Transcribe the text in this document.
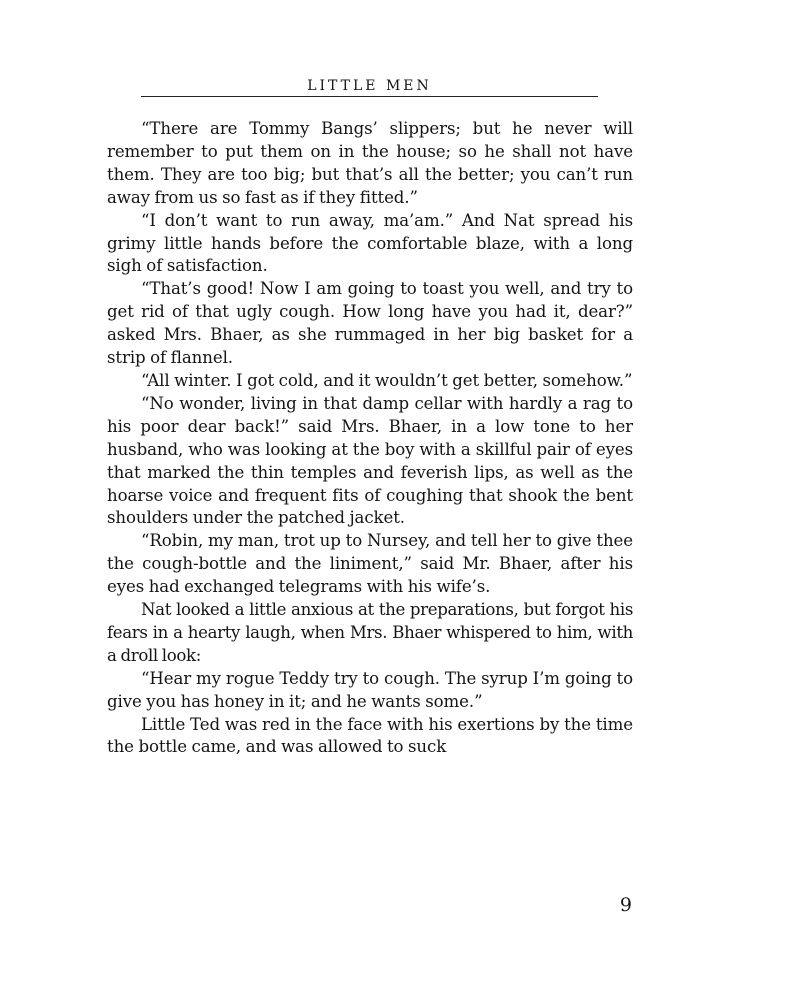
LITTLE MEN

“There are Tommy Bangs’ slippers; but he never will remember to put them on in the house; so he shall not have them. They are too big; but that’s all the better; you can’t run away from us so fast as if they fitted.”

“I don’t want to run away, ma’am.” And Nat spread his grimy little hands before the comfortable blaze, with a long sigh of satisfaction.

“That’s good! Now I am going to toast you well, and try to get rid of that ugly cough. How long have you had it, dear?” asked Mrs. Bhaer, as she rummaged in her big basket for a strip of flannel.

“All winter. I got cold, and it wouldn’t get better, somehow.”

“No wonder, living in that damp cellar with hardly a rag to his poor dear back!” said Mrs. Bhaer, in a low tone to her husband, who was looking at the boy with a skillful pair of eyes that marked the thin temples and feverish lips, as well as the hoarse voice and frequent fits of coughing that shook the bent shoulders under the patched jacket.

“Robin, my man, trot up to Nursey, and tell her to give thee the cough-bottle and the liniment,” said Mr. Bhaer, after his eyes had exchanged telegrams with his wife’s.

Nat looked a little anxious at the preparations, but forgot his fears in a hearty laugh, when Mrs. Bhaer whispered to him, with a droll look:

“Hear my rogue Teddy try to cough. The syrup I’m going to give you has honey in it; and he wants some.”

Little Ted was red in the face with his exertions by the time the bottle came, and was allowed to suck

9
